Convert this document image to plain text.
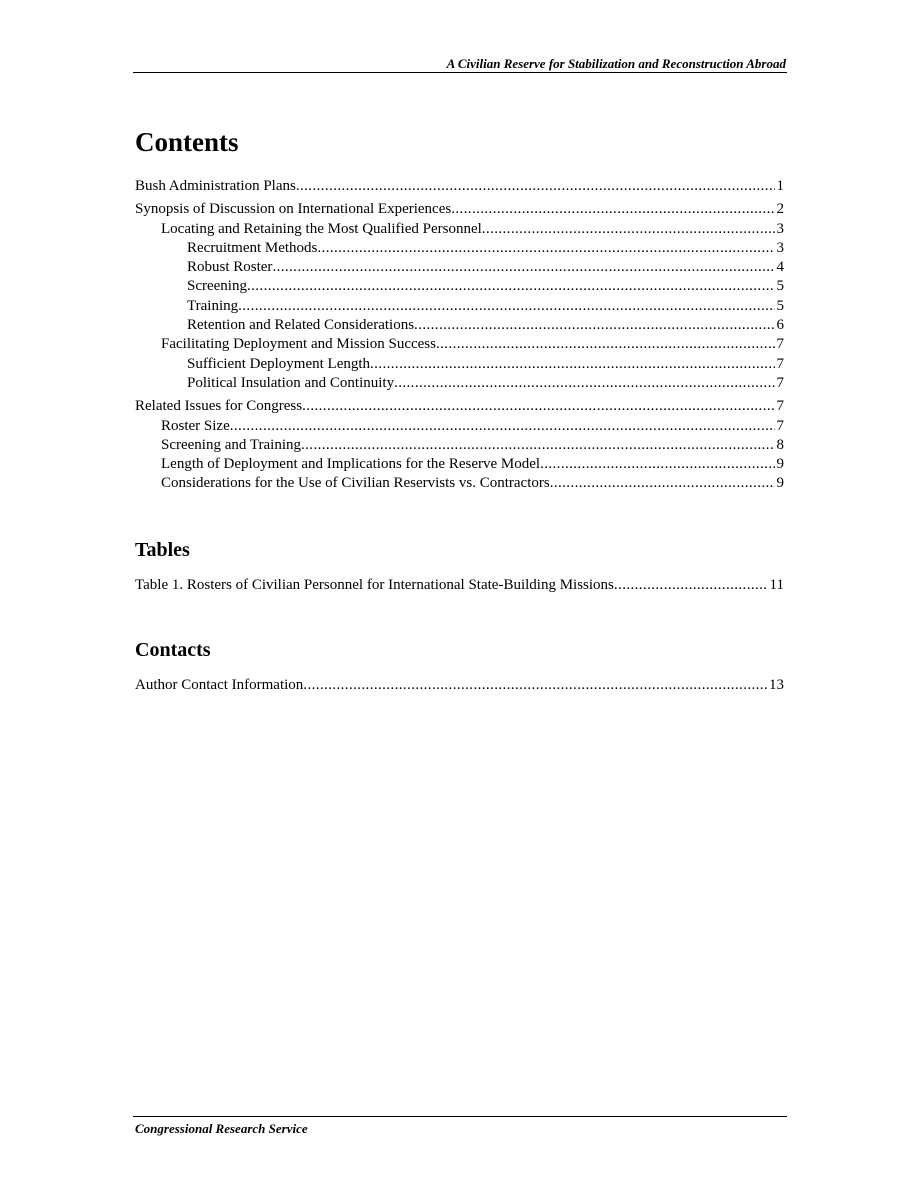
A Civilian Reserve for Stabilization and Reconstruction Abroad
Contents
Bush Administration Plans .....	1
Synopsis of Discussion on International Experiences .....	2
Locating and Retaining the Most Qualified Personnel .....	3
Recruitment Methods .....	3
Robust Roster .....	4
Screening .....	5
Training .....	5
Retention and Related Considerations .....	6
Facilitating Deployment and Mission Success .....	7
Sufficient Deployment Length .....	7
Political Insulation and Continuity .....	7
Related Issues for Congress .....	7
Roster Size .....	7
Screening and Training .....	8
Length of Deployment and Implications for the Reserve Model .....	9
Considerations for the Use of Civilian Reservists vs. Contractors .....	9
Tables
Table 1. Rosters of Civilian Personnel for International State-Building Missions .....	11
Contacts
Author Contact Information .....	13
Congressional Research Service
